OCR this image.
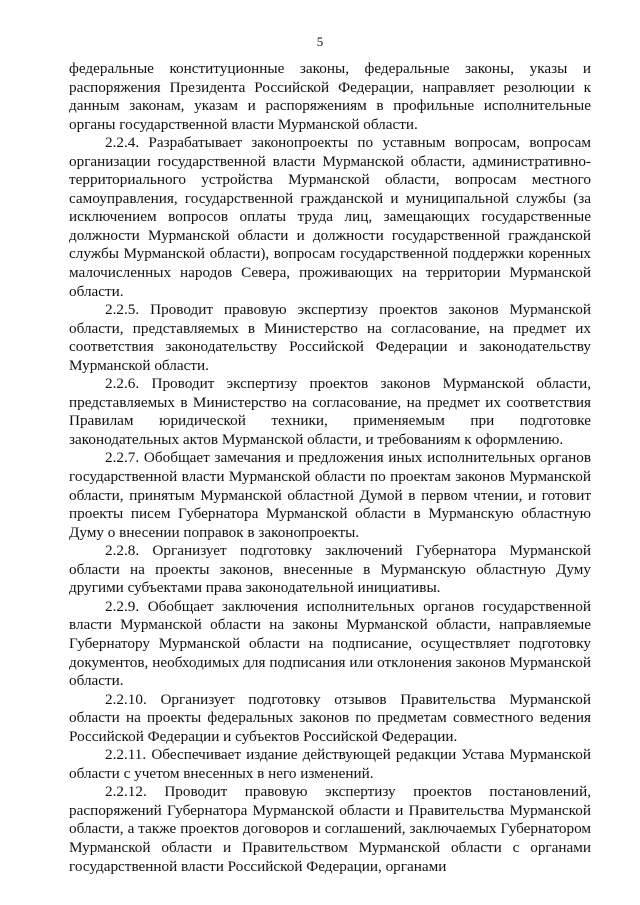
5

федеральные конституционные законы, федеральные законы, указы и распоряжения Президента Российской Федерации, направляет резолюции к данным законам, указам и распоряжениям в профильные исполнительные органы государственной власти Мурманской области.

2.2.4. Разрабатывает законопроекты по уставным вопросам, вопросам организации государственной власти Мурманской области, административно-территориального устройства Мурманской области, вопросам местного самоуправления, государственной гражданской и муниципальной службы (за исключением вопросов оплаты труда лиц, замещающих государственные должности Мурманской области и должности государственной гражданской службы Мурманской области), вопросам государственной поддержки коренных малочисленных народов Севера, проживающих на территории Мурманской области.

2.2.5. Проводит правовую экспертизу проектов законов Мурманской области, представляемых в Министерство на согласование, на предмет их соответствия законодательству Российской Федерации и законодательству Мурманской области.

2.2.6. Проводит экспертизу проектов законов Мурманской области, представляемых в Министерство на согласование, на предмет их соответствия Правилам юридической техники, применяемым при подготовке законодательных актов Мурманской области, и требованиям к оформлению.

2.2.7. Обобщает замечания и предложения иных исполнительных органов государственной власти Мурманской области по проектам законов Мурманской области, принятым Мурманской областной Думой в первом чтении, и готовит проекты писем Губернатора Мурманской области в Мурманскую областную Думу о внесении поправок в законопроекты.

2.2.8. Организует подготовку заключений Губернатора Мурманской области на проекты законов, внесенные в Мурманскую областную Думу другими субъектами права законодательной инициативы.

2.2.9. Обобщает заключения исполнительных органов государственной власти Мурманской области на законы Мурманской области, направляемые Губернатору Мурманской области на подписание, осуществляет подготовку документов, необходимых для подписания или отклонения законов Мурманской области.

2.2.10. Организует подготовку отзывов Правительства Мурманской области на проекты федеральных законов по предметам совместного ведения Российской Федерации и субъектов Российской Федерации.

2.2.11. Обеспечивает издание действующей редакции Устава Мурманской области с учетом внесенных в него изменений.

2.2.12. Проводит правовую экспертизу проектов постановлений, распоряжений Губернатора Мурманской области и Правительства Мурманской области, а также проектов договоров и соглашений, заключаемых Губернатором Мурманской области и Правительством Мурманской области с органами государственной власти Российской Федерации, органами
